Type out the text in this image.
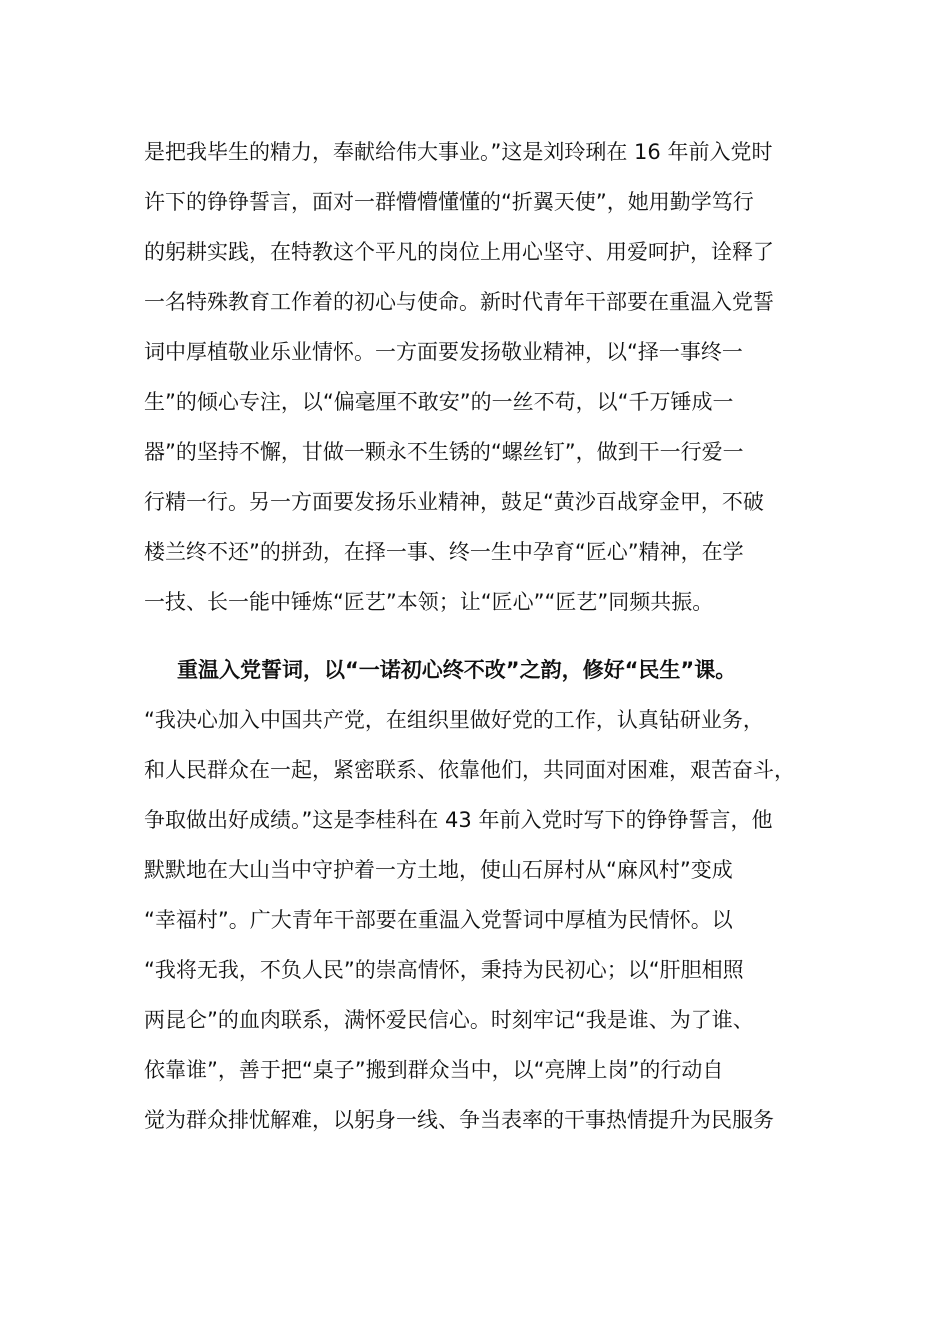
是把我毕生的精力，奉献给伟大事业。”这是刘玲琍在 16 年前入党时
许下的铮铮誓言，面对一群懵懵懂懂的“折翼天使”，她用勤学笃行
的躬耕实践，在特教这个平凡的岗位上用心坚守、用爱呵护，诠释了
一名特殊教育工作着的初心与使命。新时代青年干部要在重温入党誓
词中厚植敬业乐业情怀。一方面要发扬敬业精神，以“择一事终一
生”的倾心专注，以“偏毫厘不敢安”的一丝不苟，以“千万锤成一
器”的坚持不懈，甘做一颗永不生锈的“螺丝钉”，做到干一行爱一
行精一行。另一方面要发扬乐业精神，鼓足“黄沙百战穿金甲，不破
楼兰终不还”的拼劲，在择一事、终一生中孕育“匠心”精神，在学
一技、长一能中锤炼“匠艺”本领；让“匠心”“匠艺”同频共振。
重温入党誓词，以“一诺初心终不改”之韵，修好“民生”课。
“我决心加入中国共产党，在组织里做好党的工作，认真钻研业务，
和人民群众在一起，紧密联系、依靠他们，共同面对困难，艰苦奋斗，
争取做出好成绩。”这是李桂科在 43 年前入党时写下的铮铮誓言，他
默默地在大山当中守护着一方土地，使山石屏村从“麻风村”变成
“幸福村”。广大青年干部要在重温入党誓词中厚植为民情怀。以
“我将无我，不负人民”的崇高情怀，秉持为民初心；以“肝胆相照
两昆仑”的血肉联系，满怀爱民信心。时刻牢记“我是谁、为了谁、
依靠谁”，善于把“桌子”搬到群众当中，以“亮牌上岗”的行动自
觉为群众排忧解难，以躬身一线、争当表率的干事热情提升为民服务
